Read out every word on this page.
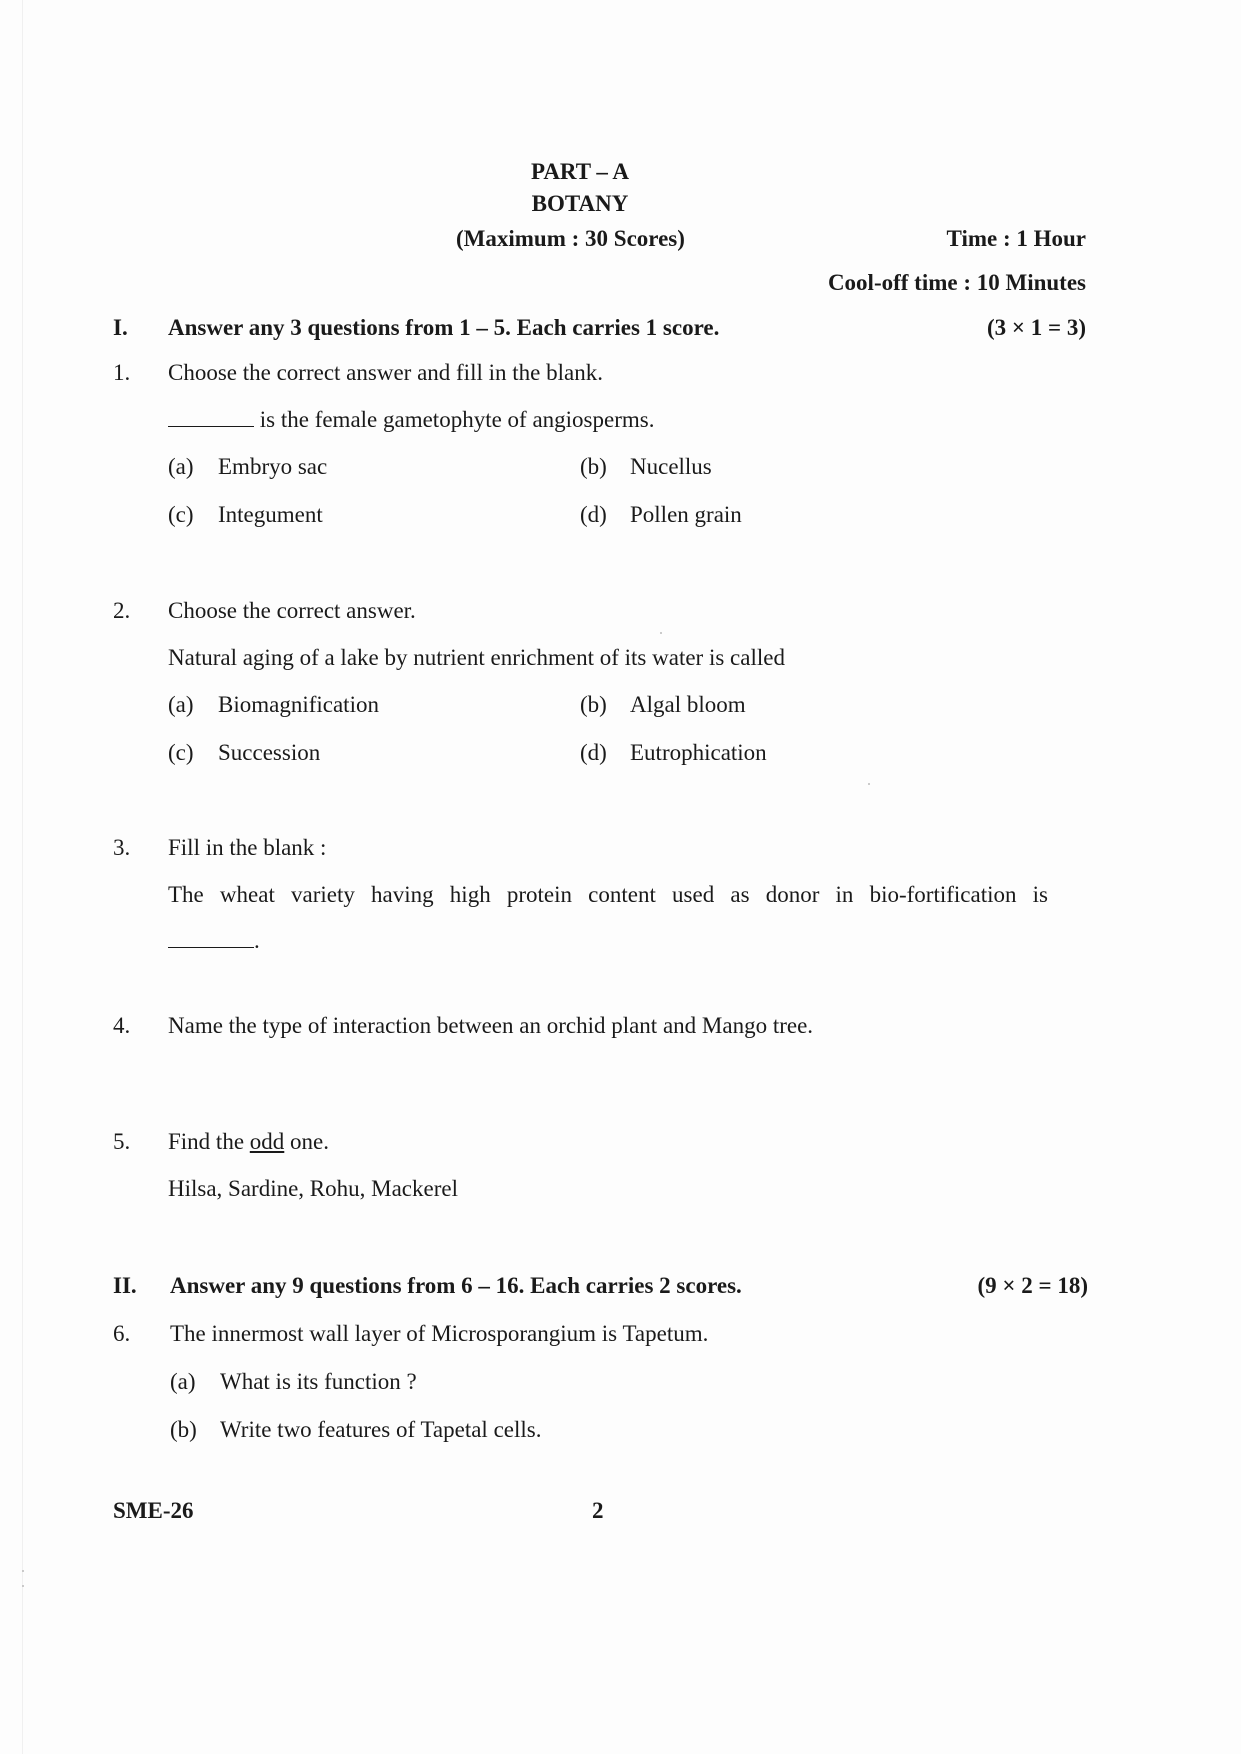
PART – A
BOTANY
(Maximum : 30 Scores)	Time : 1 Hour
Cool-off time : 10 Minutes
I. Answer any 3 questions from 1 – 5. Each carries 1 score.	(3 × 1 = 3)
1. Choose the correct answer and fill in the blank.
is the female gametophyte of angiosperms.
(a) Embryo sac	(b) Nucellus
(c) Integument	(d) Pollen grain
2. Choose the correct answer.
Natural aging of a lake by nutrient enrichment of its water is called
(a) Biomagnification	(b) Algal bloom
(c) Succession	(d) Eutrophication
3. Fill in the blank :
The wheat variety having high protein content used as donor in bio-fortification is
.
4. Name the type of interaction between an orchid plant and Mango tree.
5. Find the odd one.
Hilsa, Sardine, Rohu, Mackerel
II. Answer any 9 questions from 6 – 16. Each carries 2 scores.	(9 × 2 = 18)
6. The innermost wall layer of Microsporangium is Tapetum.
(a) What is its function ?
(b) Write two features of Tapetal cells.
SME-26	2
